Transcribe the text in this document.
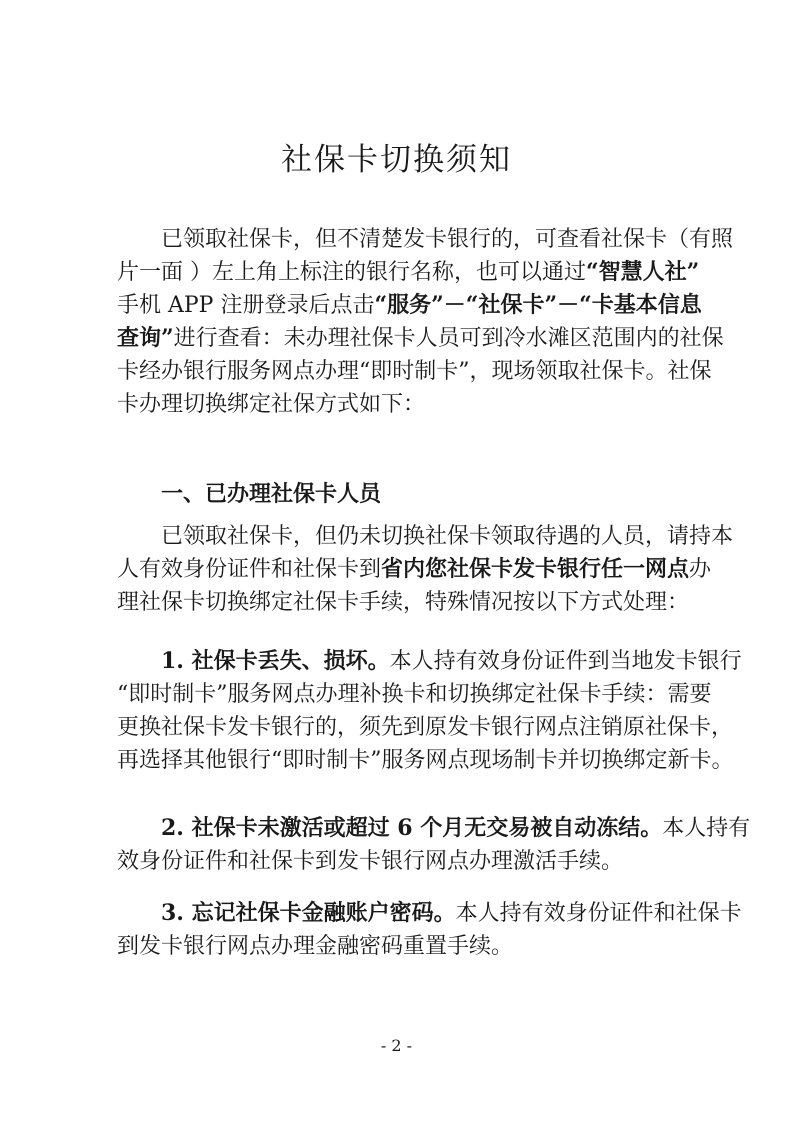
社保卡切换须知
已领取社保卡，但不清楚发卡银行的，可查看社保卡（有照
片一面 ）左上角上标注的银行名称，也可以通过“智慧人社”
手机 APP 注册登录后点击“服务”－“社保卡”－“卡基本信息
查询”进行查看：未办理社保卡人员可到冷水滩区范围内的社保
卡经办银行服务网点办理“即时制卡”，现场领取社保卡。社保
卡办理切换绑定社保方式如下：
一、已办理社保卡人员
已领取社保卡，但仍未切换社保卡领取待遇的人员，请持本
人有效身份证件和社保卡到省内您社保卡发卡银行任一网点办
理社保卡切换绑定社保卡手续，特殊情况按以下方式处理：
1. 社保卡丢失、损坏。本人持有效身份证件到当地发卡银行
“即时制卡”服务网点办理补换卡和切换绑定社保卡手续：需要
更换社保卡发卡银行的，须先到原发卡银行网点注销原社保卡，
再选择其他银行“即时制卡”服务网点现场制卡并切换绑定新卡。
2. 社保卡未激活或超过 6 个月无交易被自动冻结。本人持有
效身份证件和社保卡到发卡银行网点办理激活手续。
3. 忘记社保卡金融账户密码。本人持有效身份证件和社保卡
到发卡银行网点办理金融密码重置手续。
- 2 -
